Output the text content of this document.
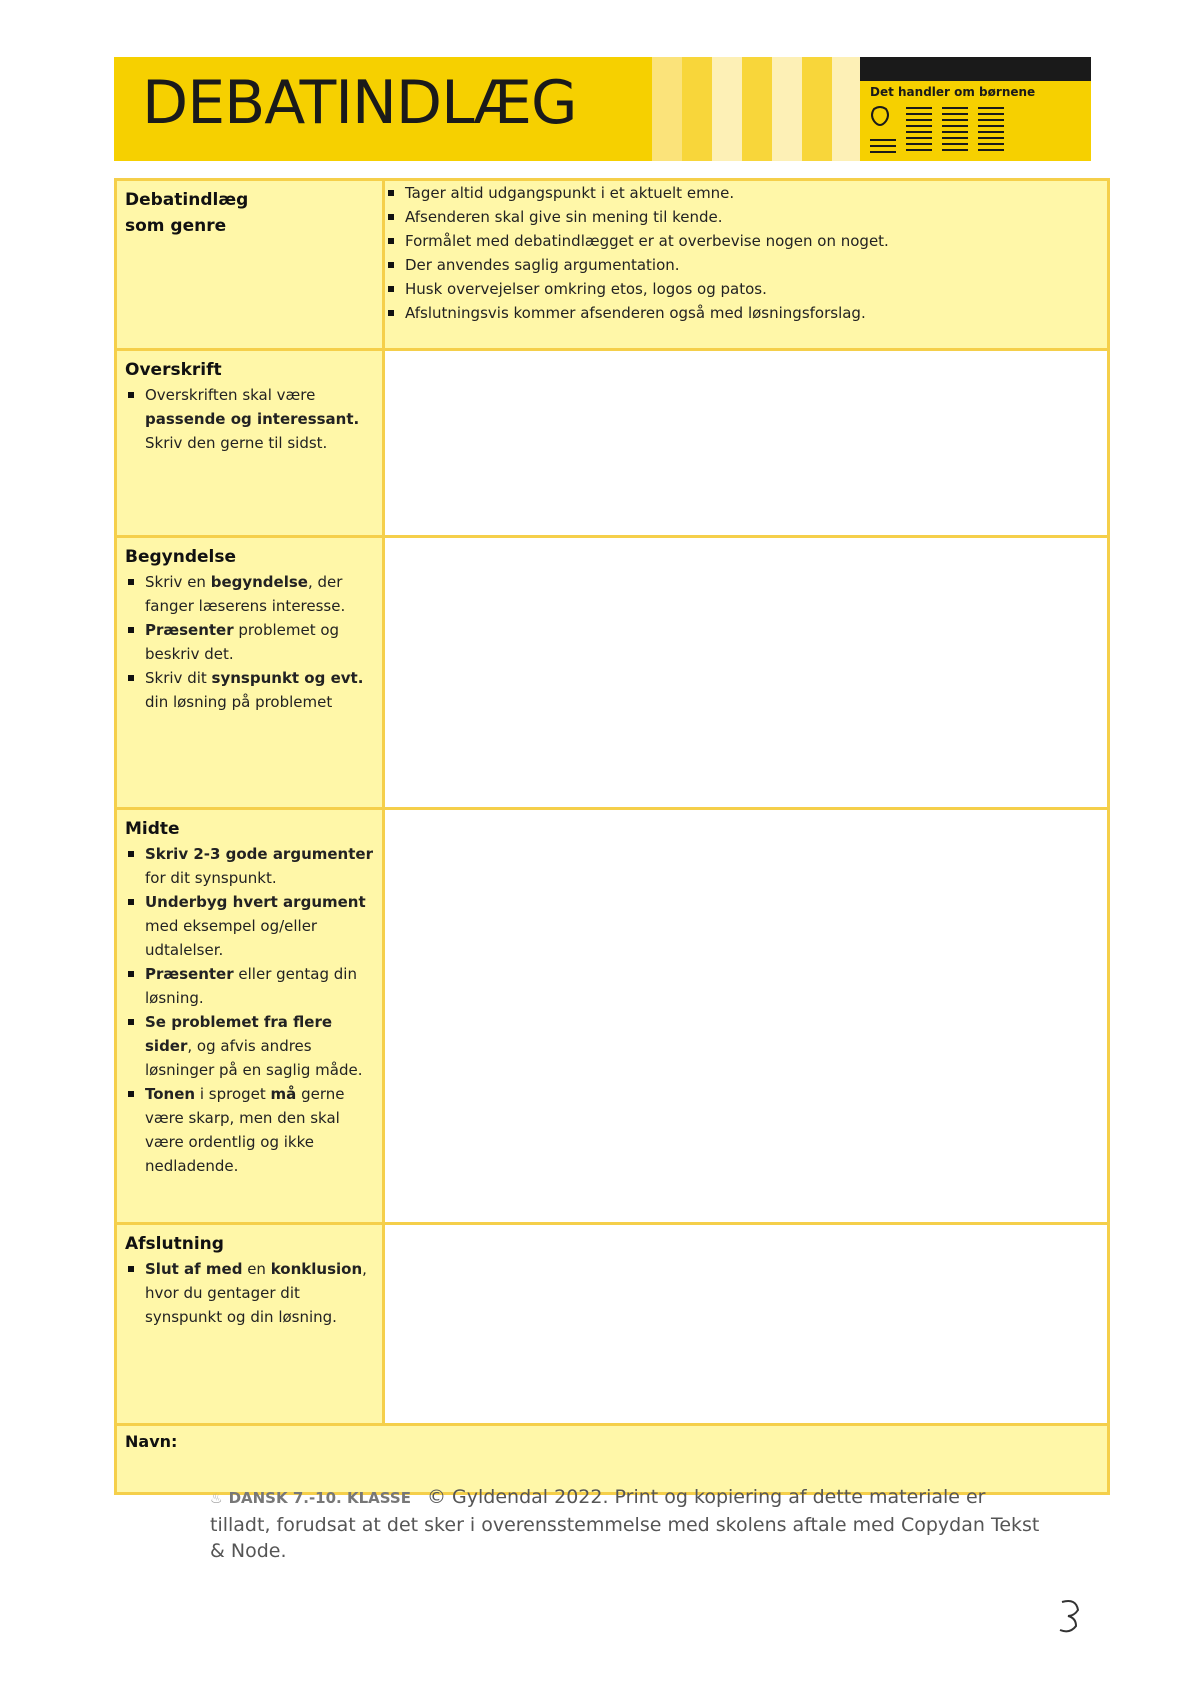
DEBATINDLÆG	Det handler om børnene
Debatindlæg
som genre
Tager altid udgangspunkt i et aktuelt emne.
Afsenderen skal give sin mening til kende.
Formålet med debatindlægget er at overbevise nogen on noget.
Der anvendes saglig argumentation.
Husk overvejelser omkring etos, logos og patos.
Afslutningsvis kommer afsenderen også med løsningsforslag.
Overskrift
Overskriften skal være
passende og interessant.
Skriv den gerne til sidst.
Begyndelse
Skriv en begyndelse, der fanger læserens interesse.
Præsenter problemet og beskriv det.
Skriv dit synspunkt og evt. din løsning på problemet
Midte
Skriv 2-3 gode argumenter for dit synspunkt.
Underbyg hvert argument med eksempel og/eller udtalelser.
Præsenter eller gentag din løsning.
Se problemet fra flere sider, og afvis andres løsninger på en saglig måde.
Tonen i sproget må gerne være skarp, men den skal være ordentlig og ikke nedladende.
Afslutning
Slut af med en konklusion, hvor du gentager dit synspunkt og din løsning.
Navn:
♨ DANSK 7.-10. KLASSE © Gyldendal 2022. Print og kopiering af dette materiale er tilladt, forudsat at det sker i overensstemmelse med skolens aftale med Copydan Tekst & Node.
